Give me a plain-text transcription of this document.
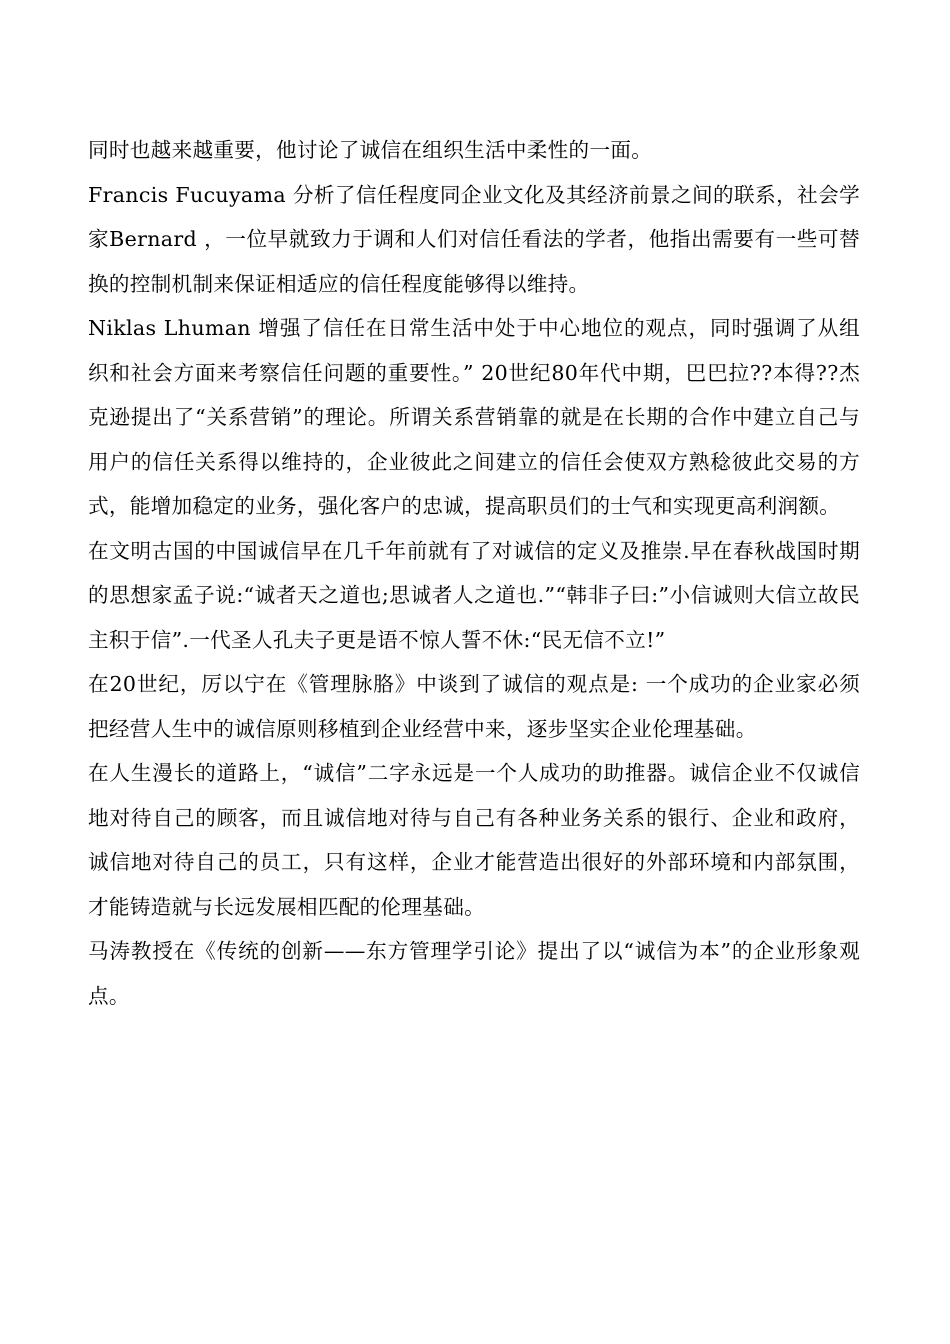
同时也越来越重要，他讨论了诚信在组织生活中柔性的一面。

Francis Fucuyama 分析了信任程度同企业文化及其经济前景之间的联系，社会学家Bernard ，一位早就致力于调和人们对信任看法的学者，他指出需要有一些可替换的控制机制来保证相适应的信任程度能够得以维持。

Niklas Lhuman 增强了信任在日常生活中处于中心地位的观点，同时强调了从组织和社会方面来考察信任问题的重要性。” 20世纪80年代中期，巴巴拉??本得??杰克逊提出了“关系营销”的理论。所谓关系营销靠的就是在长期的合作中建立自己与用户的信任关系得以维持的，企业彼此之间建立的信任会使双方熟稔彼此交易的方式，能增加稳定的业务，强化客户的忠诚，提高职员们的士气和实现更高利润额。

在文明古国的中国诚信早在几千年前就有了对诚信的定义及推崇.早在春秋战国时期的思想家孟子说:“诚者天之道也;思诚者人之道也.”“韩非子曰:”小信诚则大信立故民主积于信”.一代圣人孔夫子更是语不惊人誓不休:“民无信不立!”

在20世纪，厉以宁在《管理脉胳》中谈到了诚信的观点是: 一个成功的企业家必须把经营人生中的诚信原则移植到企业经营中来，逐步坚实企业伦理基础。

在人生漫长的道路上，“诚信”二字永远是一个人成功的助推器。诚信企业不仅诚信地对待自己的顾客，而且诚信地对待与自己有各种业务关系的银行、企业和政府，诚信地对待自己的员工，只有这样，企业才能营造出很好的外部环境和内部氛围，才能铸造就与长远发展相匹配的伦理基础。

马涛教授在《传统的创新——东方管理学引论》提出了以“诚信为本”的企业形象观点。
